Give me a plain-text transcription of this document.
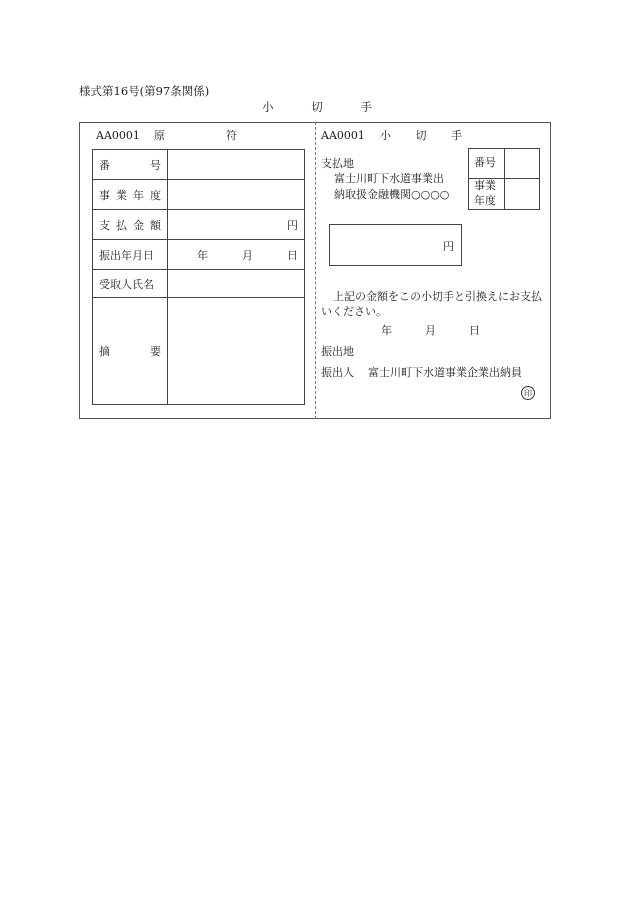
様式第16号(第97条関係)
小	切	手
AA0001 原	符
番 号	

事 業 年 度	

支 払 金 額	円
振出年月日	年 月 日

受取人氏名	

摘 要	

AA0001 小 切 手
支払地
富士川町下水道事業出
納取扱金融機関○○○○
番号	

事業
年度	

円
上記の金額をこの小切手と引換えにお支払いください。
年	月	日
振出地
振出人 富士川町下水道事業企業出納員
印
